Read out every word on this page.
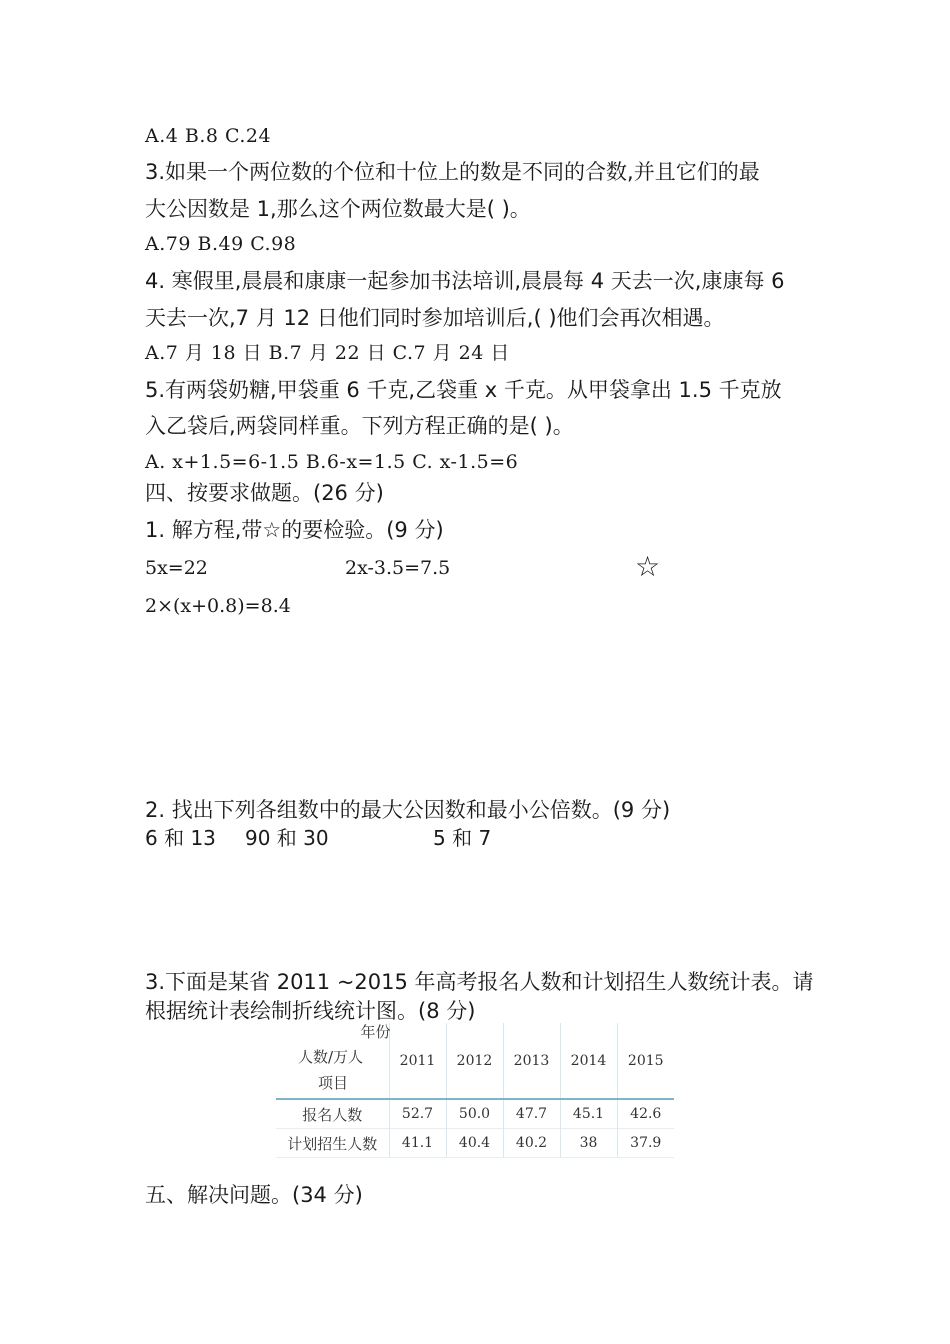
A.4 B.8 C.24
3.如果一个两位数的个位和十位上的数是不同的合数,并且它们的最
大公因数是 1,那么这个两位数最大是( )。
A.79 B.49 C.98
4. 寒假里,晨晨和康康一起参加书法培训,晨晨每 4 天去一次,康康每 6
天去一次,7 月 12 日他们同时参加培训后,( )他们会再次相遇。
A.7 月 18 日 B.7 月 22 日 C.7 月 24 日
5.有两袋奶糖,甲袋重 6 千克,乙袋重 x 千克。从甲袋拿出 1.5 千克放
入乙袋后,两袋同样重。下列方程正确的是( )。
A. x+1.5=6-1.5 B.6-x=1.5 C. x-1.5=6
四、按要求做题。(26 分)
1. 解方程,带☆的要检验。(9 分)
5x=22	2x-3.5=7.5	☆
2×(x+0.8)=8.4
2. 找出下列各组数中的最大公因数和最小公倍数。(9 分)
6 和 13 90 和 30	5 和 7
3.下面是某省 2011 ~2015 年高考报名人数和计划招生人数统计表。请
根据统计表绘制折线统计图。(8 分)
年份
人数/万人
项目	2011	2012	2013	2014	2015
报名人数	52.7	50.0	47.7	45.1	42.6
计划招生人数	41.1	40.4	40.2	38	37.9
五、解决问题。(34 分)
